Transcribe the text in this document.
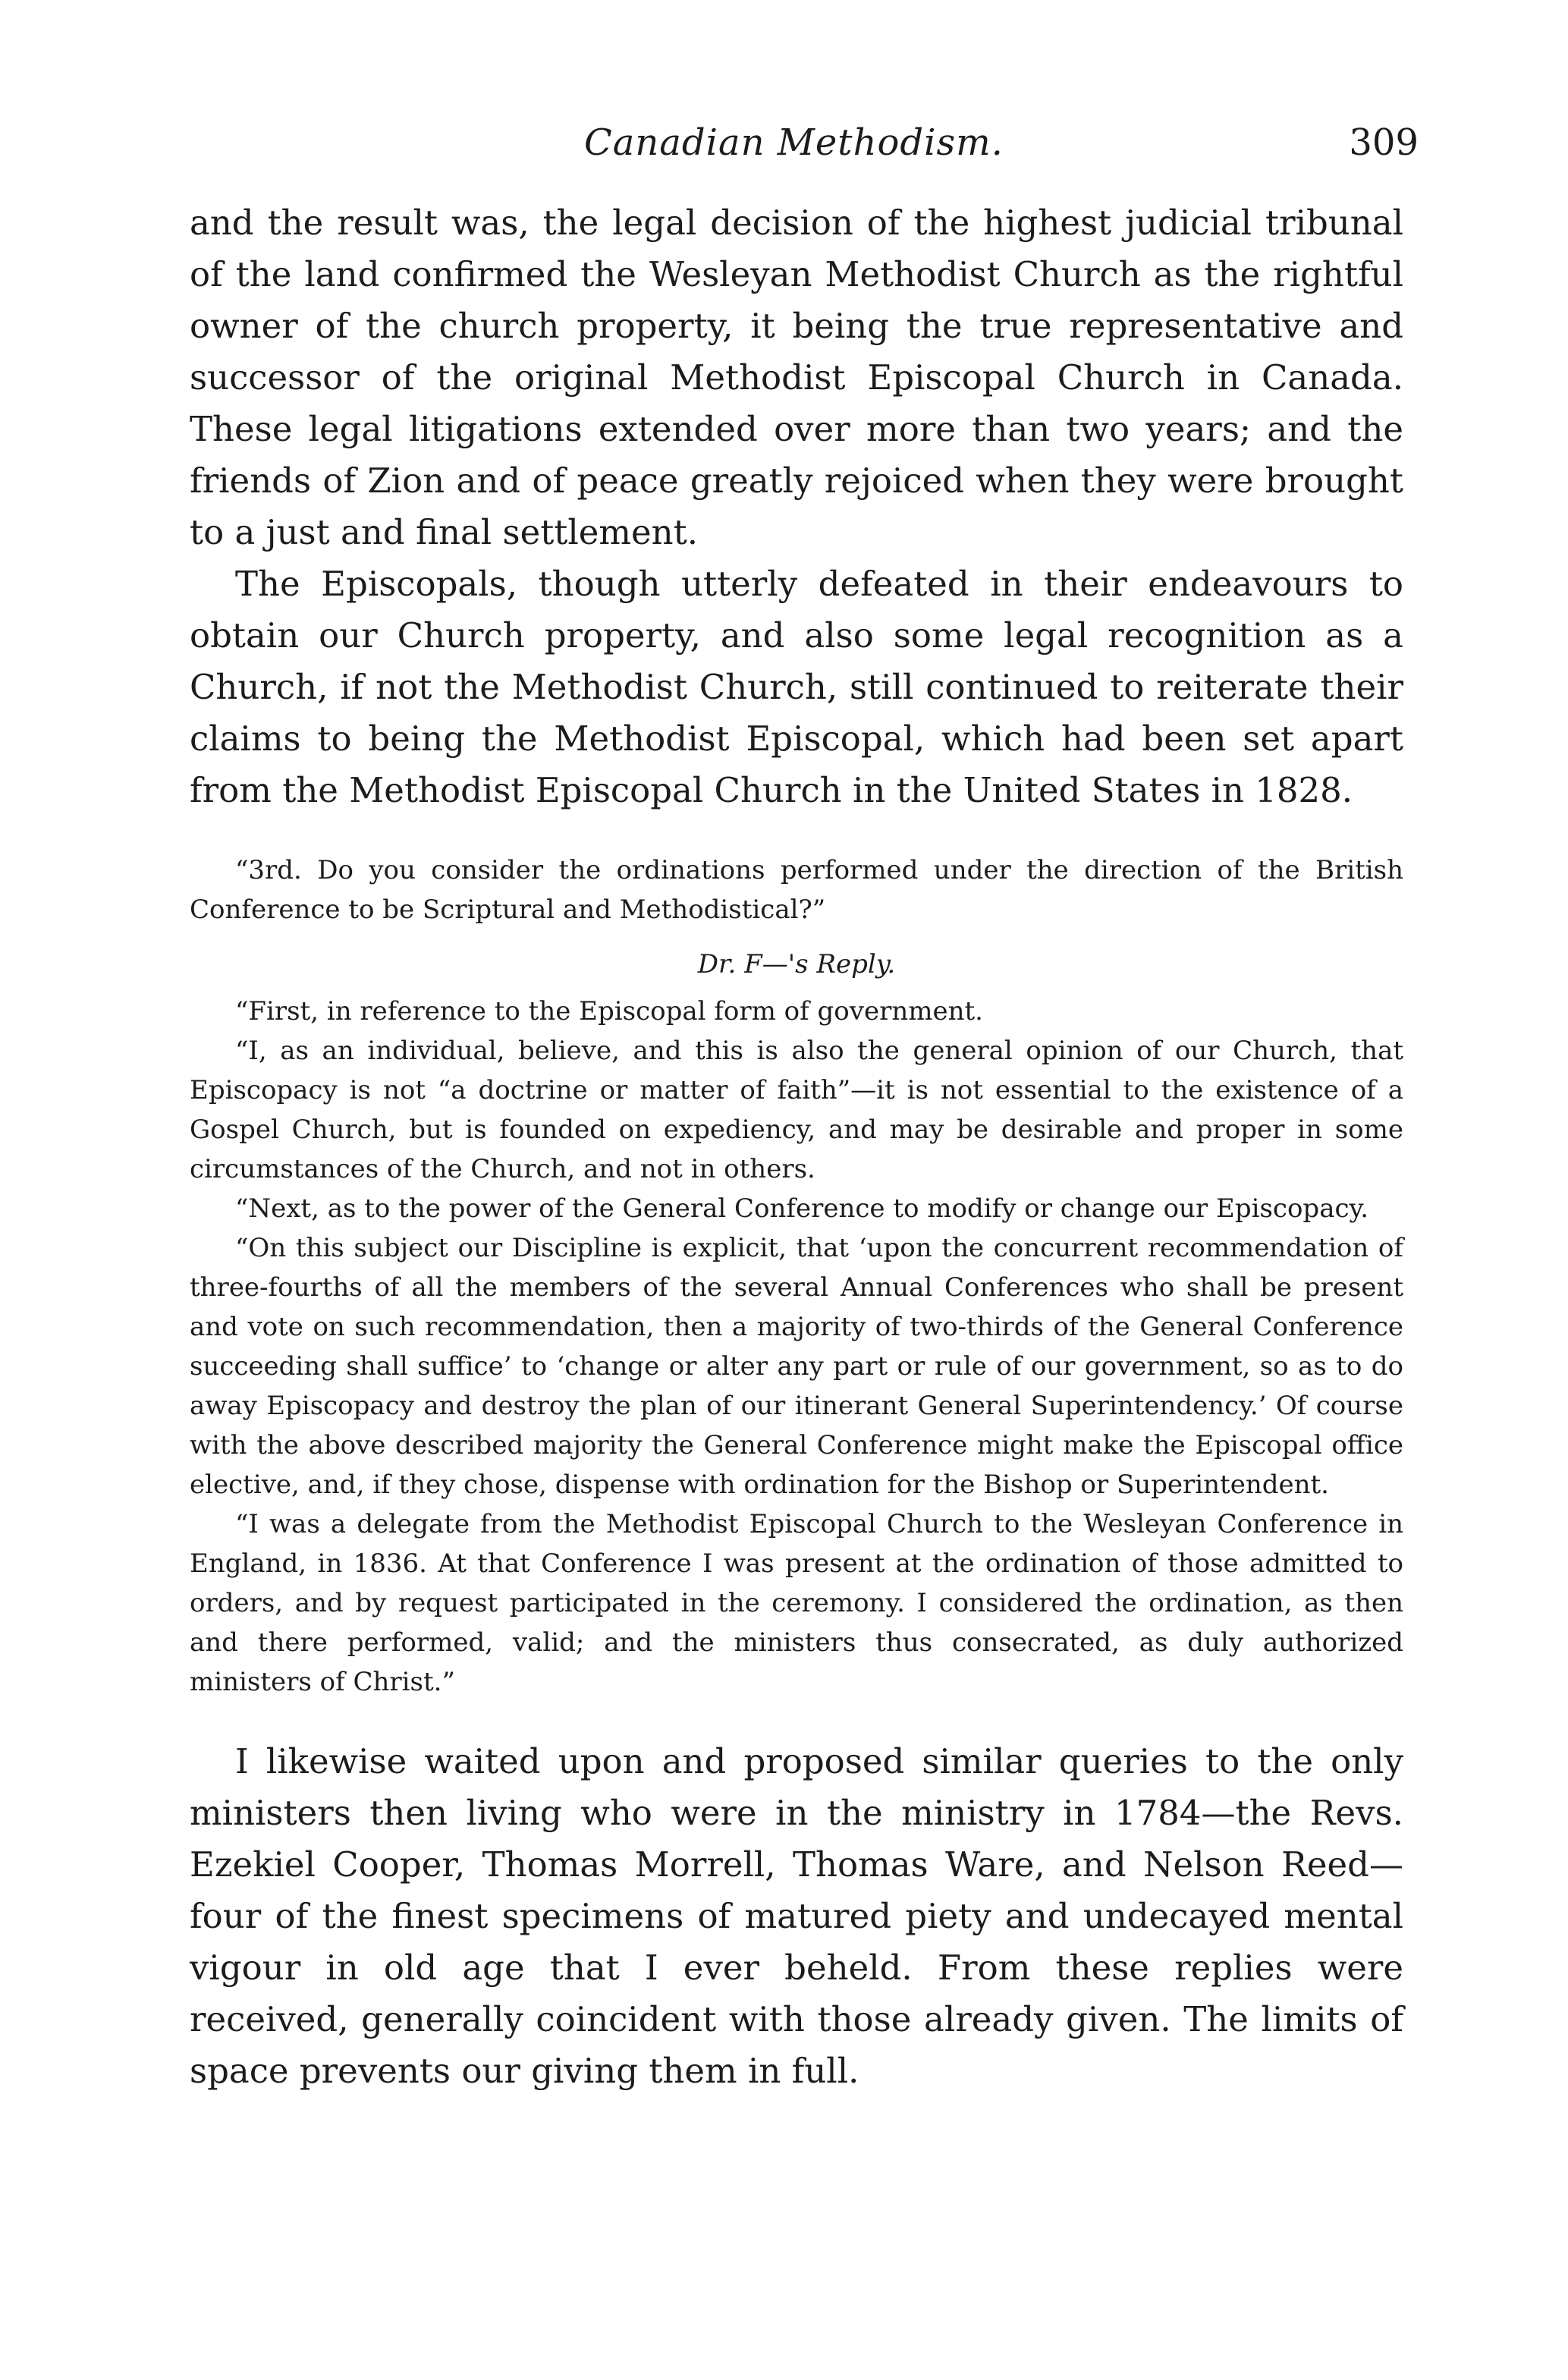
Canadian Methodism.	309

and the result was, the legal decision of the highest judicial tribunal of the land confirmed the Wesleyan Methodist Church as the rightful owner of the church property, it being the true representative and successor of the original Methodist Episcopal Church in Canada. These legal litigations extended over more than two years; and the friends of Zion and of peace greatly rejoiced when they were brought to a just and final settlement.

The Episcopals, though utterly defeated in their endeavours to obtain our Church property, and also some legal recognition as a Church, if not the Methodist Church, still continued to reiterate their claims to being the Methodist Episcopal, which had been set apart from the Methodist Episcopal Church in the United States in 1828.

“3rd. Do you consider the ordinations performed under the direction of the British Conference to be Scriptural and Methodistical?”

Dr. F—'s Reply.

“First, in reference to the Episcopal form of government.

“I, as an individual, believe, and this is also the general opinion of our Church, that Episcopacy is not “a doctrine or matter of faith”—it is not essential to the existence of a Gospel Church, but is founded on expediency, and may be desirable and proper in some circumstances of the Church, and not in others.

“Next, as to the power of the General Conference to modify or change our Episcopacy.

“On this subject our Discipline is explicit, that ‘upon the concurrent recommendation of three-fourths of all the members of the several Annual Conferences who shall be present and vote on such recommendation, then a majority of two-thirds of the General Conference succeeding shall suffice’ to ‘change or alter any part or rule of our government, so as to do away Episcopacy and destroy the plan of our itinerant General Superintendency.’ Of course with the above described majority the General Conference might make the Episcopal office elective, and, if they chose, dispense with ordination for the Bishop or Superintendent.

“I was a delegate from the Methodist Episcopal Church to the Wesleyan Conference in England, in 1836. At that Conference I was present at the ordination of those admitted to orders, and by request participated in the ceremony. I considered the ordination, as then and there performed, valid; and the ministers thus consecrated, as duly authorized ministers of Christ.”

I likewise waited upon and proposed similar queries to the only ministers then living who were in the ministry in 1784—the Revs. Ezekiel Cooper, Thomas Morrell, Thomas Ware, and Nelson Reed—four of the finest specimens of matured piety and undecayed mental vigour in old age that I ever beheld. From these replies were received, generally coincident with those already given. The limits of space prevents our giving them in full.
